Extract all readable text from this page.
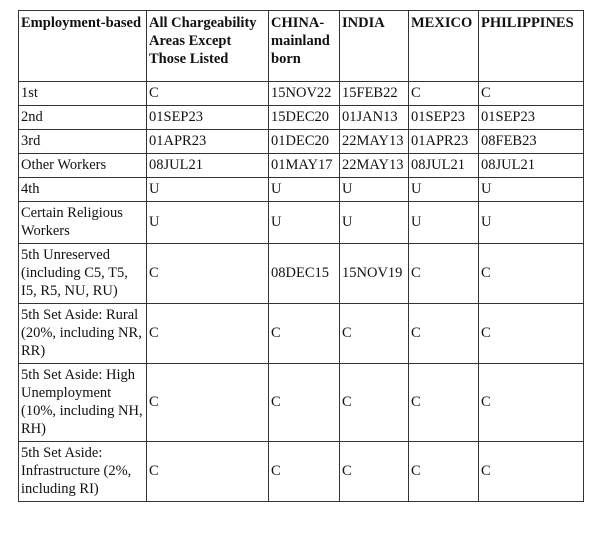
Employment-based	All Chargeability Areas Except Those Listed	CHINA-mainland born	INDIA	MEXICO	PHILIPPINES
1st	C	15NOV22	15FEB22	C	C
2nd	01SEP23	15DEC20	01JAN13	01SEP23	01SEP23
3rd	01APR23	01DEC20	22MAY13	01APR23	08FEB23
Other Workers	08JUL21	01MAY17	22MAY13	08JUL21	08JUL21
4th	U	U	U	U	U
Certain Religious Workers	U	U	U	U	U
5th Unreserved (including C5, T5, I5, R5, NU, RU)	C	08DEC15	15NOV19	C	C
5th Set Aside: Rural (20%, including NR, RR)	C	C	C	C	C
5th Set Aside: High Unemployment (10%, including NH, RH)	C	C	C	C	C
5th Set Aside: Infrastructure (2%, including RI)	C	C	C	C	C
